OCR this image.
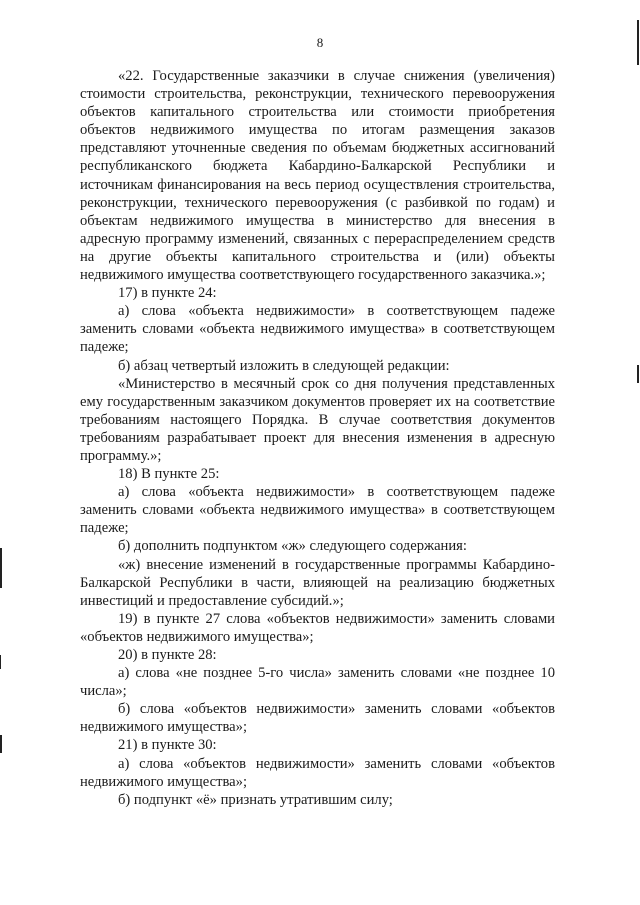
8

«22. Государственные заказчики в случае снижения (увеличения) стоимости строительства, реконструкции, технического перевооружения объектов капитального строительства или стоимости приобретения объектов недвижимого имущества по итогам размещения заказов представляют уточненные сведения по объемам бюджетных ассигнований республиканского бюджета Кабардино-Балкарской Республики и источникам финансирования на весь период осуществления строительства, реконструкции, технического перевооружения (с разбивкой по годам) и объектам недвижимого имущества в министерство для внесения в адресную программу изменений, связанных с перераспределением средств на другие объекты капитального строительства и (или) объекты недвижимого имущества соответствующего государственного заказчика.»;

17) в пункте 24:

а) слова «объекта недвижимости» в соответствующем падеже заменить словами «объекта недвижимого имущества» в соответствующем падеже;

б) абзац четвертый изложить в следующей редакции:

«Министерство в месячный срок со дня получения представленных ему государственным заказчиком документов проверяет их на соответствие требованиям настоящего Порядка. В случае соответствия документов требованиям разрабатывает проект для внесения изменения в адресную программу.»;

18) В пункте 25:

а) слова «объекта недвижимости» в соответствующем падеже заменить словами «объекта недвижимого имущества» в соответствующем падеже;

б) дополнить подпунктом «ж» следующего содержания:

«ж) внесение изменений в государственные программы Кабардино-Балкарской Республики в части, влияющей на реализацию бюджетных инвестиций и предоставление субсидий.»;

19) в пункте 27 слова «объектов недвижимости» заменить словами «объектов недвижимого имущества»;

20) в пункте 28:

а) слова «не позднее 5-го числа» заменить словами «не позднее 10 числа»;

б) слова «объектов недвижимости» заменить словами «объектов недвижимого имущества»;

21) в пункте 30:

а) слова «объектов недвижимости» заменить словами «объектов недвижимого имущества»;

б) подпункт «ё» признать утратившим силу;
